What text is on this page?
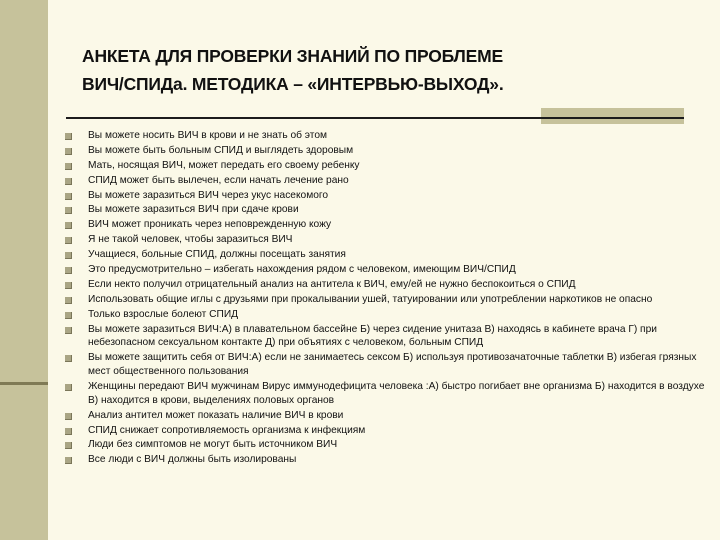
АНКЕТА ДЛЯ ПРОВЕРКИ ЗНАНИЙ ПО ПРОБЛЕМЕ
ВИЧ/СПИДа. МЕТОДИКА – «ИНТЕРВЬЮ-ВЫХОД».
Вы можете носить ВИЧ в крови и не знать об этом
Вы можете быть больным СПИД и выглядеть здоровым
Мать, носящая ВИЧ, может передать его своему ребенку
СПИД может быть вылечен, если начать лечение рано
Вы можете заразиться ВИЧ через укус насекомого
Вы можете заразиться ВИЧ при сдаче крови
ВИЧ может проникать через неповрежденную кожу
Я не такой человек, чтобы заразиться ВИЧ
Учащиеся, больные СПИД, должны посещать занятия
Это предусмотрительно – избегать нахождения рядом с человеком, имеющим ВИЧ/СПИД
Если некто получил отрицательный анализ на антитела к ВИЧ, ему/ей не нужно беспокоиться о СПИД
Использовать общие иглы с друзьями при прокалывании ушей, татуировании или употреблении наркотиков не опасно
Только взрослые болеют СПИД
Вы можете заразиться ВИЧ:А) в плавательном бассейне Б) через сидение унитаза В) находясь в кабинете врача Г) при небезопасном сексуальном контакте Д) при объятиях с человеком, больным СПИД
Вы можете защитить себя от ВИЧ:А) если не занимаетесь сексом Б) используя противозачаточные таблетки В) избегая грязных мест общественного пользования
Женщины передают ВИЧ мужчинам Вирус иммунодефицита человека :А) быстро погибает вне организма Б) находится в воздухе В) находится в крови, выделениях половых органов
Анализ антител может показать наличие ВИЧ в крови
СПИД снижает сопротивляемость организма к инфекциям
Люди без симптомов не могут быть источником ВИЧ
Все люди с ВИЧ должны быть изолированы
